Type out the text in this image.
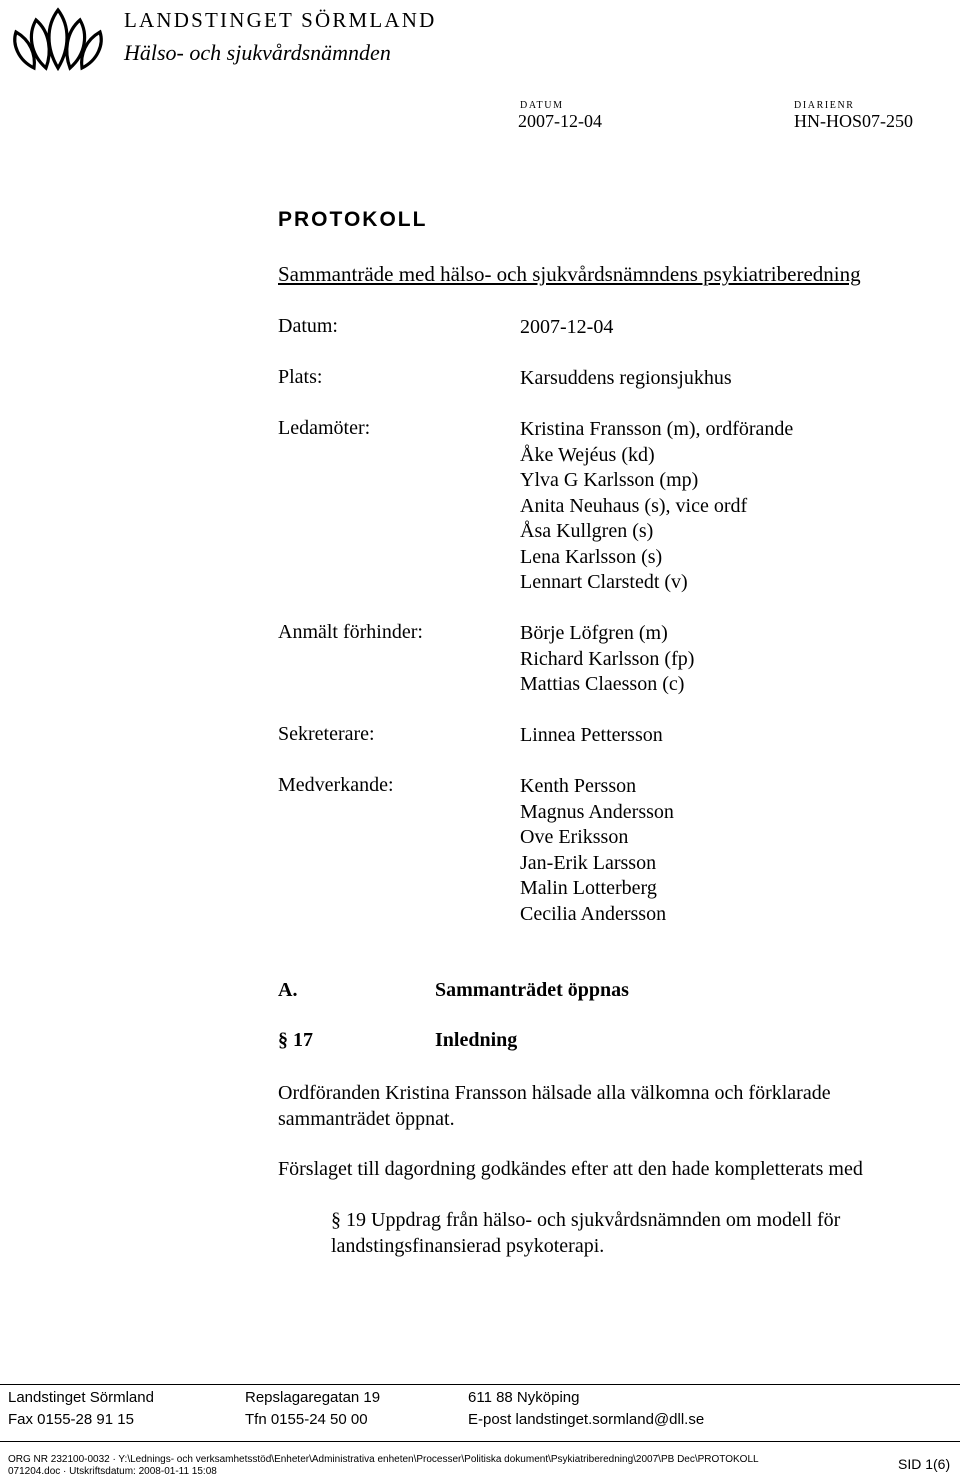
LANDSTINGET SÖRMLAND
Hälso- och sjukvårdsnämnden
DATUM
2007-12-04
DIARIENR
HN-HOS07-250
PROTOKOLL
Sammanträde med hälso- och sjukvårdsnämndens psykiatriberedning
Datum:	2007-12-04
Plats:	Karsuddens regionsjukhus
Ledamöter:	Kristina Fransson (m), ordförande
Åke Wejéus (kd)
Ylva G Karlsson (mp)
Anita Neuhaus (s), vice ordf
Åsa Kullgren (s)
Lena Karlsson (s)
Lennart Clarstedt (v)
Anmält förhinder:	Börje Löfgren (m)
Richard Karlsson (fp)
Mattias Claesson (c)
Sekreterare:	Linnea Pettersson
Medverkande:	Kenth Persson
Magnus Andersson
Ove Eriksson
Jan-Erik Larsson
Malin Lotterberg
Cecilia Andersson
A.	Sammanträdet öppnas
§ 17	Inledning
Ordföranden Kristina Fransson hälsade alla välkomna och förklarade sammanträdet öppnat.
Förslaget till dagordning godkändes efter att den hade kompletterats med
§ 19 Uppdrag från hälso- och sjukvårdsnämnden om modell för landstingsfinansierad psykoterapi.
Landstinget Sörmland	Repslagaregatan 19	611 88 Nyköping
Fax 0155-28 91 15	Tfn 0155-24 50 00	E-post landstinget.sormland@dll.se
ORG NR 232100-0032 · Y:\Lednings- och verksamhetsstöd\Enheter\Administrativa enheten\Processer\Politiska dokument\Psykiatriberedning\2007\PB Dec\PROTOKOLL
071204.doc · Utskriftsdatum: 2008-01-11 15:08	SID 1(6)
